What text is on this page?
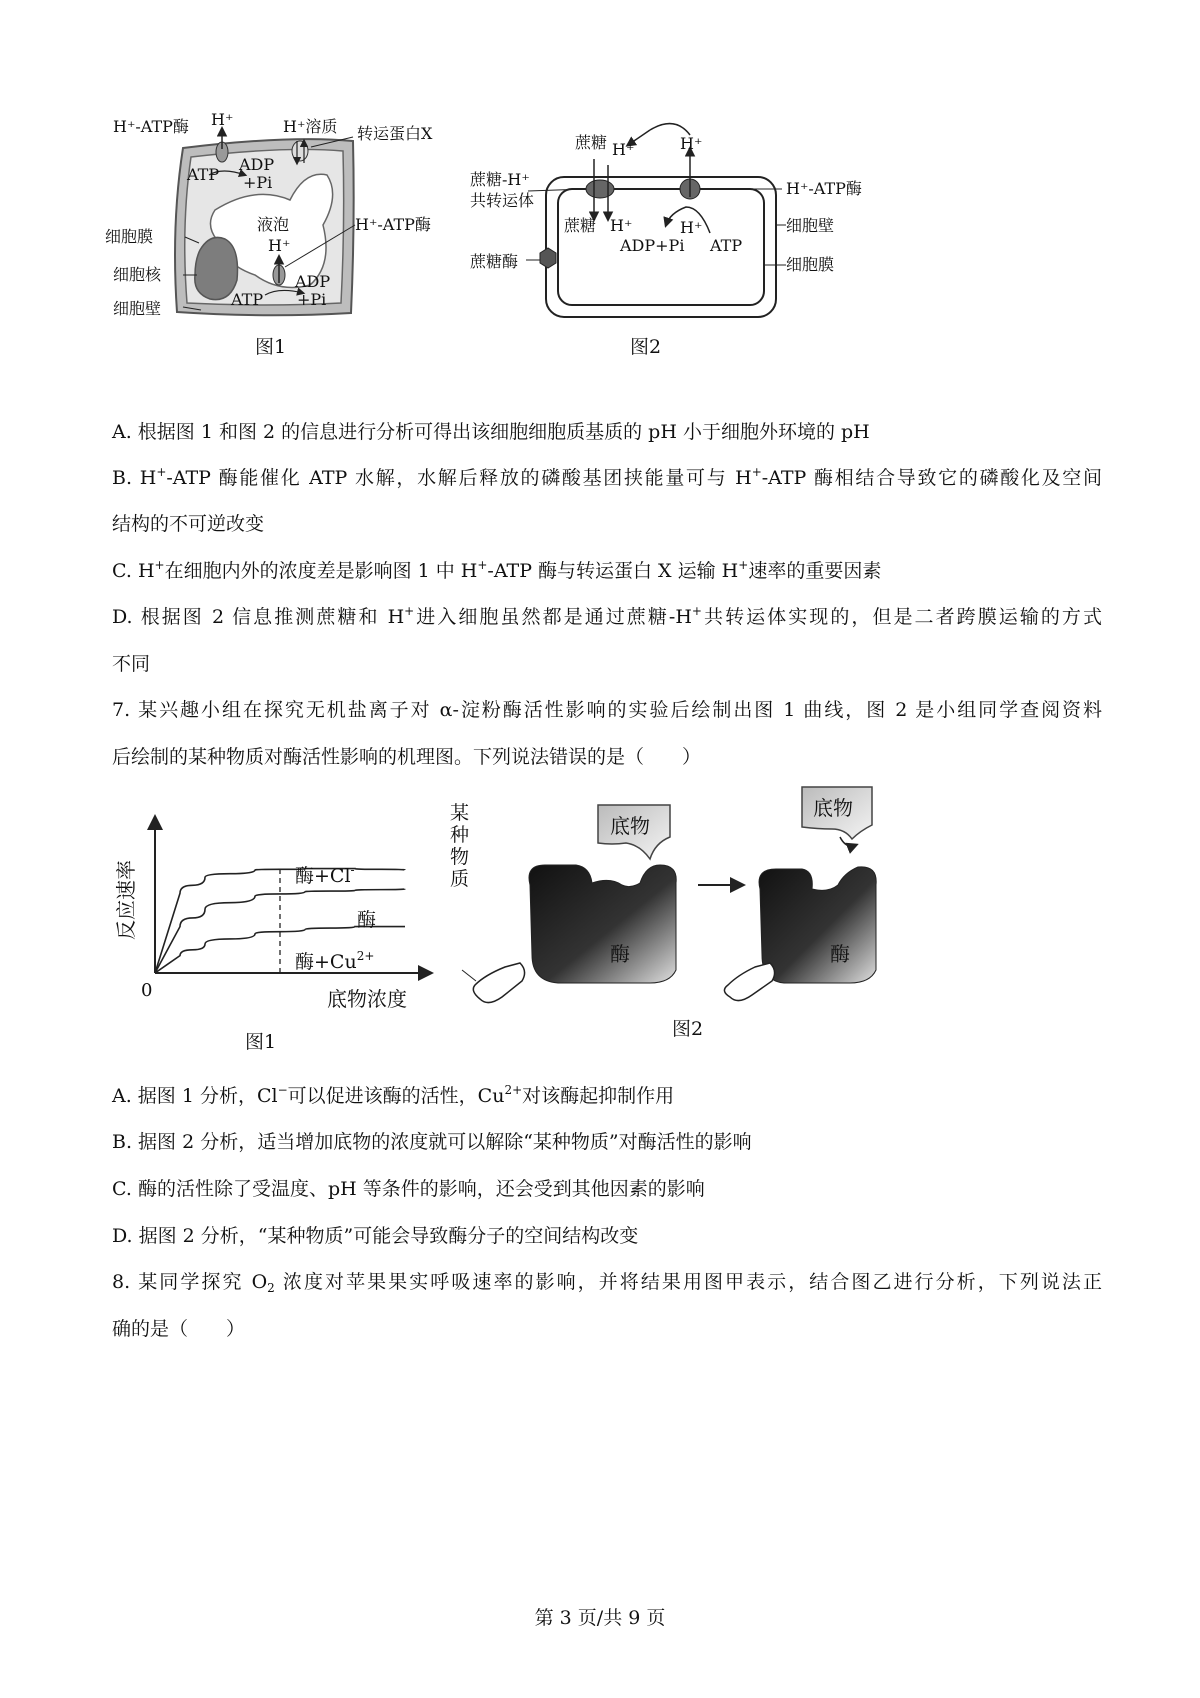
H⁺-ATP酶 H⁺	H⁺溶质 转运蛋白X
ATP
ADP
+Pi
液泡
H⁺
H⁺-ATP酶
细胞膜
细胞核
细胞壁	ATP
ADP
+Pi
图1
蔗糖 H⁺	H⁺
蔗糖-H⁺
共转运体
H⁺-ATP酶
细胞壁
蔗糖 H⁺	H⁺
ADP+Pi ATP
蔗糖酶	细胞膜
图2
A. 根据图 1 和图 2 的信息进行分析可得出该细胞细胞质基质的 pH 小于细胞外环境的 pH
B. H+-ATP 酶能催化 ATP 水解，水解后释放的磷酸基团挟能量可与 H+-ATP 酶相结合导致它的磷酸化及空间
结构的不可逆改变
C. H+在细胞内外的浓度差是影响图 1 中 H+-ATP 酶与转运蛋白 X 运输 H+速率的重要因素
D. 根据图 2 信息推测蔗糖和 H+进入细胞虽然都是通过蔗糖-H+共转运体实现的，但是二者跨膜运输的方式
不同
7. 某兴趣小组在探究无机盐离子对 α-淀粉酶活性影响的实验后绘制出图 1 曲线，图 2 是小组同学查阅资料
后绘制的某种物质对酶活性影响的机理图。下列说法错误的是（　　）
0	底物浓度
反应速率	酶+Cl-
酶
酶$+Cu^{2+}$
图1
底物
酶
某
种
物
质
底物
酶
图2
A. 据图 1 分析，Cl−可以促进该酶的活性，$Cu^{2+}$对该酶起抑制作用
B. 据图 2 分析，适当增加底物的浓度就可以解除“某种物质”对酶活性的影响
C. 酶的活性除了受温度、pH 等条件的影响，还会受到其他因素的影响
D. 据图 2 分析，“某种物质”可能会导致酶分子的空间结构改变
8. 某同学探究 $O_2$ 浓度对苹果果实呼吸速率的影响，并将结果用图甲表示，结合图乙进行分析，下列说法正
确的是（　　）
第 3 页/共 9 页
